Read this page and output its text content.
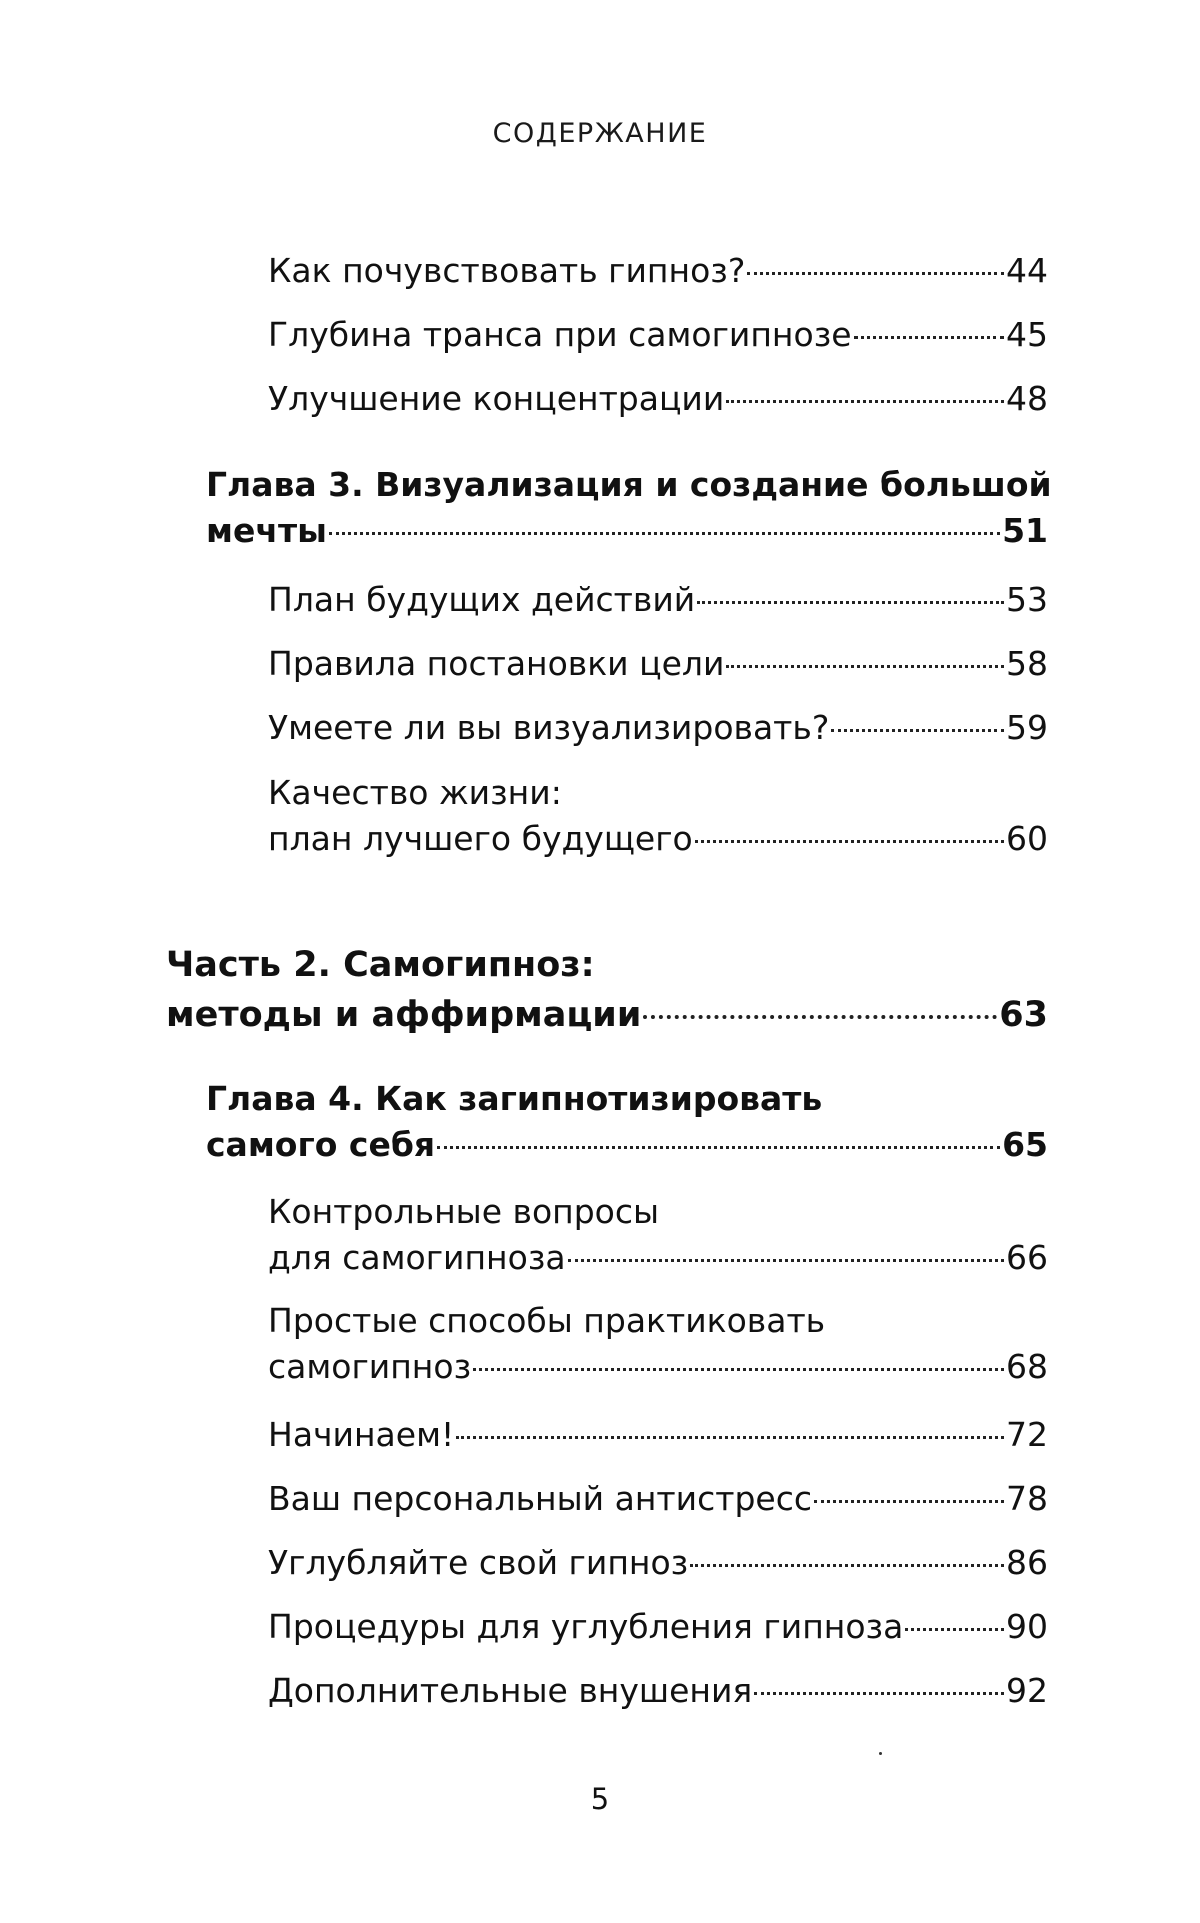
СОДЕРЖАНИЕ
Как почувствовать гипноз?	44
Глубина транса при самогипнозе	45
Улучшение концентрации	48
Глава 3. Визуализация и создание большой
мечты	51
План будущих действий	53
Правила постановки цели	58
Умеете ли вы визуализировать?	59
Качество жизни:
план лучшего будущего	60
Часть 2. Самогипноз:
методы и аффирмации	63
Глава 4. Как загипнотизировать
самого себя	65
Контрольные вопросы
для самогипноза	66
Простые способы практиковать
самогипноз	68
Начинаем!	72
Ваш персональный антистресс	78
Углубляйте свой гипноз	86
Процедуры для углубления гипноза	90
Дополнительные внушения	92
5
